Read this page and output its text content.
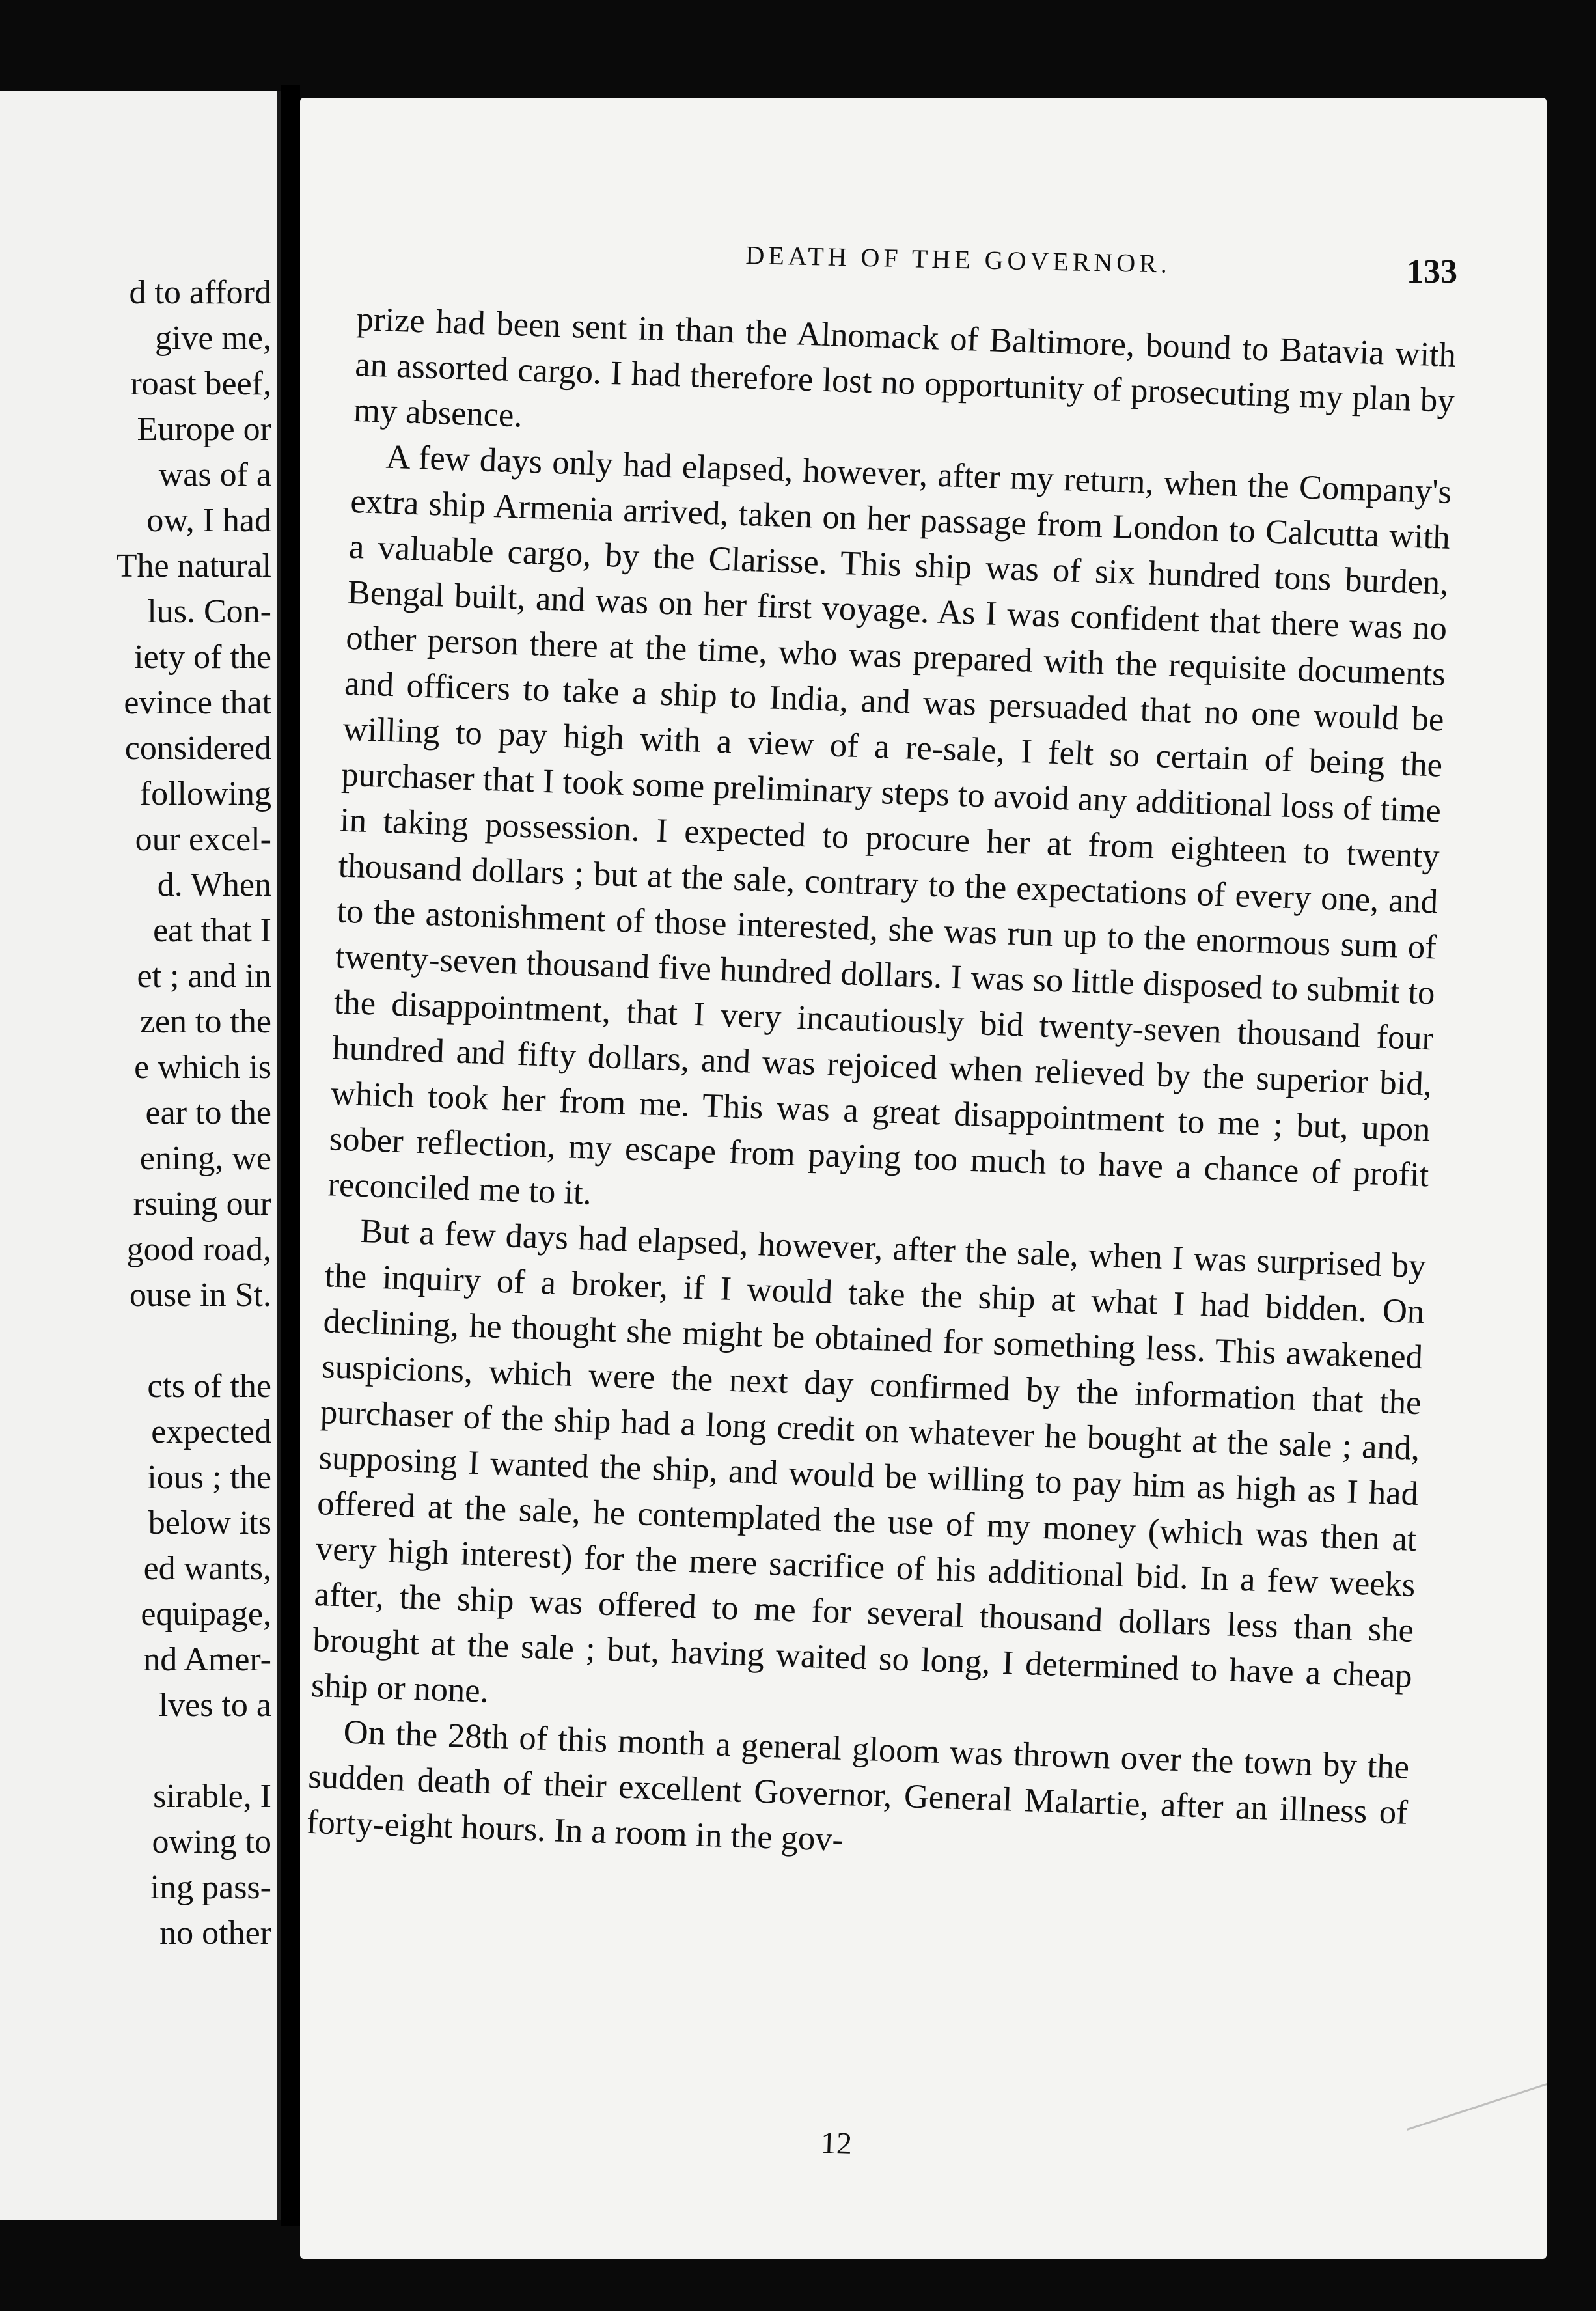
d to afford
give me,
roast beef,
Europe or
was of a
ow, I had
The natural
lus. Con-
iety of the
evince that
considered
following
our excel-
d. When
eat that I
et ; and in
zen to the
e which is
ear to the
ening, we
rsuing our
good road,
ouse in St.
cts of the
expected
ious ; the
below its
ed wants,
equipage,
nd Amer-
lves to a
sirable, I
owing to
ing pass-
no other
DEATH OF THE GOVERNOR.	133

prize had been sent in than the Alnomack of Baltimore, bound to Batavia with an assorted cargo. I had therefore lost no opportunity of prosecuting my plan by my absence.

A few days only had elapsed, however, after my return, when the Company's extra ship Armenia arrived, taken on her passage from London to Calcutta with a valuable cargo, by the Clarisse. This ship was of six hundred tons burden, Bengal built, and was on her first voyage. As I was confident that there was no other person there at the time, who was prepared with the requisite documents and officers to take a ship to India, and was persuaded that no one would be willing to pay high with a view of a re-sale, I felt so certain of being the purchaser that I took some preliminary steps to avoid any additional loss of time in taking possession. I expected to procure her at from eighteen to twenty thousand dollars ; but at the sale, contrary to the expectations of every one, and to the astonishment of those interested, she was run up to the enormous sum of twenty-seven thousand five hundred dollars. I was so little disposed to submit to the disappointment, that I very incautiously bid twenty-seven thousand four hundred and fifty dollars, and was rejoiced when relieved by the superior bid, which took her from me. This was a great disappointment to me ; but, upon sober reflection, my escape from paying too much to have a chance of profit reconciled me to it.

But a few days had elapsed, however, after the sale, when I was surprised by the inquiry of a broker, if I would take the ship at what I had bidden. On declining, he thought she might be obtained for something less. This awakened suspicions, which were the next day confirmed by the information that the purchaser of the ship had a long credit on whatever he bought at the sale ; and, supposing I wanted the ship, and would be willing to pay him as high as I had offered at the sale, he contemplated the use of my money (which was then at very high interest) for the mere sacrifice of his additional bid. In a few weeks after, the ship was offered to me for several thousand dollars less than she brought at the sale ; but, having waited so long, I determined to have a cheap ship or none.

On the 28th of this month a general gloom was thrown over the town by the sudden death of their excellent Governor, General Malartie, after an illness of forty-eight hours. In a room in the gov-

12
